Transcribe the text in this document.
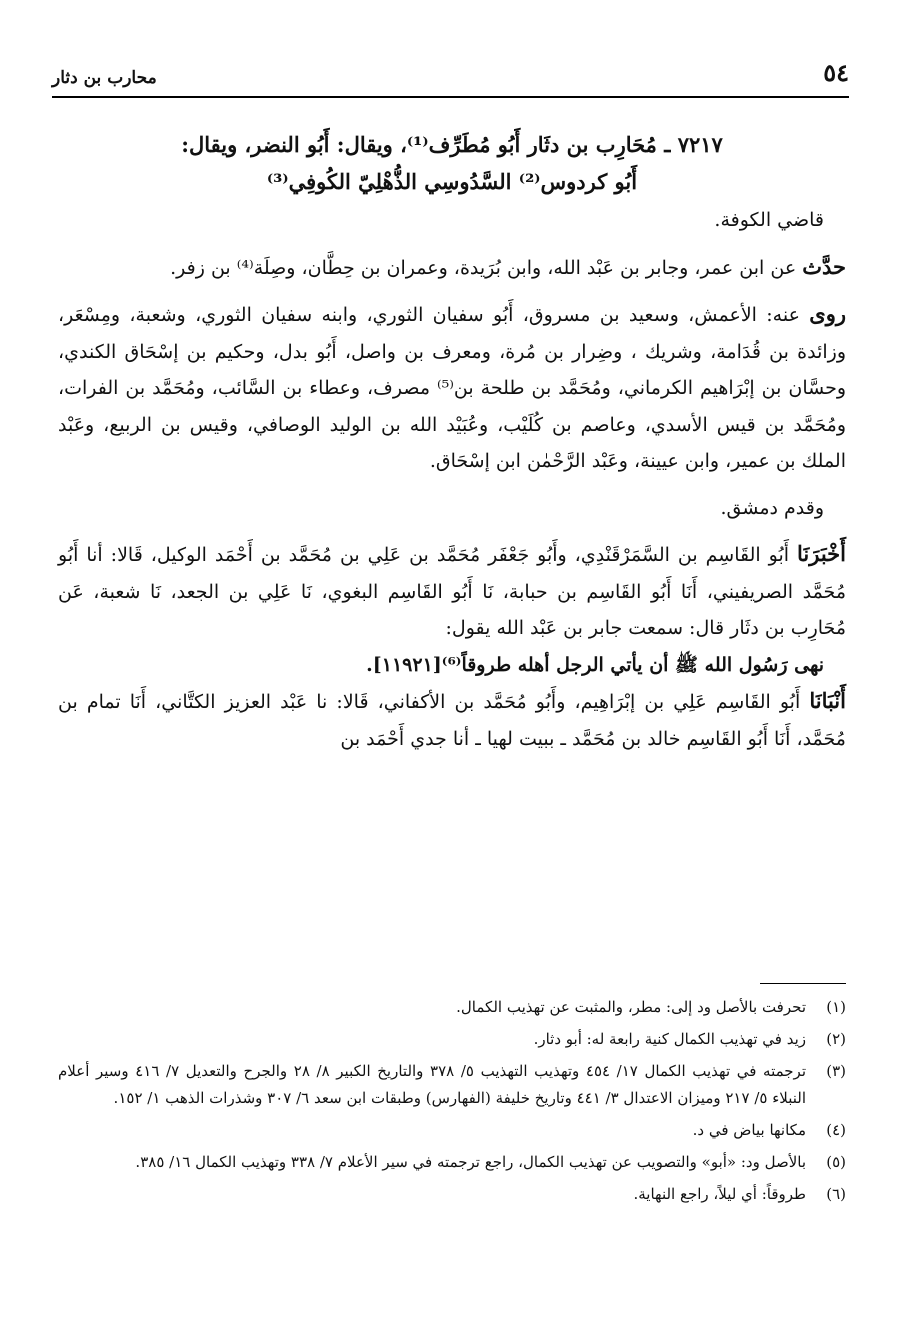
٥٤
محارب بن دثار
٧٢١٧ ـ مُحَارِب بن دثَار أَبُو مُطَرِّف⁽¹⁾، ويقال: أَبُو النضر، ويقال:
أَبُو كردوس⁽²⁾ السَّدُوسِي الذُّهْلِيّ الكُوفِي⁽³⁾

قاضي الكوفة.

حدَّث عن ابن عمر، وجابر بن عَبْد الله، وابن بُرَيدة، وعمران بن حِطَّان، وصِلَة⁽⁴⁾ بن زفر.

روى عنه: الأعمش، وسعيد بن مسروق، أَبُو سفيان الثوري، وابنه سفيان الثوري، وشعبة، ومِسْعَر، وزائدة بن قُدَامة، وشريك ، وضِرار بن مُرة، ومعرف بن واصل، أَبُو بدل، وحكيم بن إسْحَاق الكندي، وحسَّان بن إبْرَاهيم الكرماني، ومُحَمَّد بن طلحة بن⁽⁵⁾ مصرف، وعطاء بن السَّائب، ومُحَمَّد بن الفرات، ومُحَمَّد بن قيس الأسدي، وعاصم بن كُلَيْب، وعُبَيْد الله بن الوليد الوصافي، وقيس بن الربيع، وعَبْد الملك بن عمير، وابن عيينة، وعَبْد الرَّحْمٰن ابن إسْحَاق.

وقدم دمشق.

أَخْبَرَنَا أَبُو القَاسِم بن السَّمَرْقَنْدِي، وأَبُو جَعْفَر مُحَمَّد بن عَلِي بن مُحَمَّد بن أَحْمَد الوكيل، قَالا: أنا أَبُو مُحَمَّد الصريفيني، أَنَا أَبُو القَاسِم بن حبابة، نَا أَبُو القَاسِم البغوي، نَا عَلِي بن الجعد، نَا شعبة، عَن مُحَارِب بن دثَار قال: سمعت جابر بن عَبْد الله يقول:

نهى رَسُول الله ﷺ أن يأتي الرجل أهله طروقاً⁽⁶⁾[١١٩٢١].

أَنْبَانَا أَبُو القَاسِم عَلِي بن إبْرَاهِيم، وأَبُو مُحَمَّد بن الأكفاني، قَالا: نا عَبْد العزيز الكتَّاني، أَنَا تمام بن مُحَمَّد، أَنَا أَبُو القَاسِم خالد بن مُحَمَّد ـ ببيت لهيا ـ أنا جدي أَحْمَد بن

(١)
تحرفت بالأصل ود إلى: مطر، والمثبت عن تهذيب الكمال.
(٢)
زيد في تهذيب الكمال كنية رابعة له: أبو دثار.
(٣)
ترجمته في تهذيب الكمال ١٧/ ٤٥٤ وتهذيب التهذيب ٥/ ٣٧٨ والتاريخ الكبير ٨/ ٢٨ والجرح والتعديل ٧/ ٤١٦ وسير أعلام النبلاء ٥/ ٢١٧ وميزان الاعتدال ٣/ ٤٤١ وتاريخ خليفة (الفهارس) وطبقات ابن سعد ٦/ ٣٠٧ وشذرات الذهب ١/ ١٥٢.
(٤)
مكانها بياض في د.
(٥)
بالأصل ود: «أبو» والتصويب عن تهذيب الكمال، راجع ترجمته في سير الأعلام ٧/ ٣٣٨ وتهذيب الكمال ١٦/ ٣٨٥.
(٦)
طروقاً: أي ليلاً، راجع النهاية.
